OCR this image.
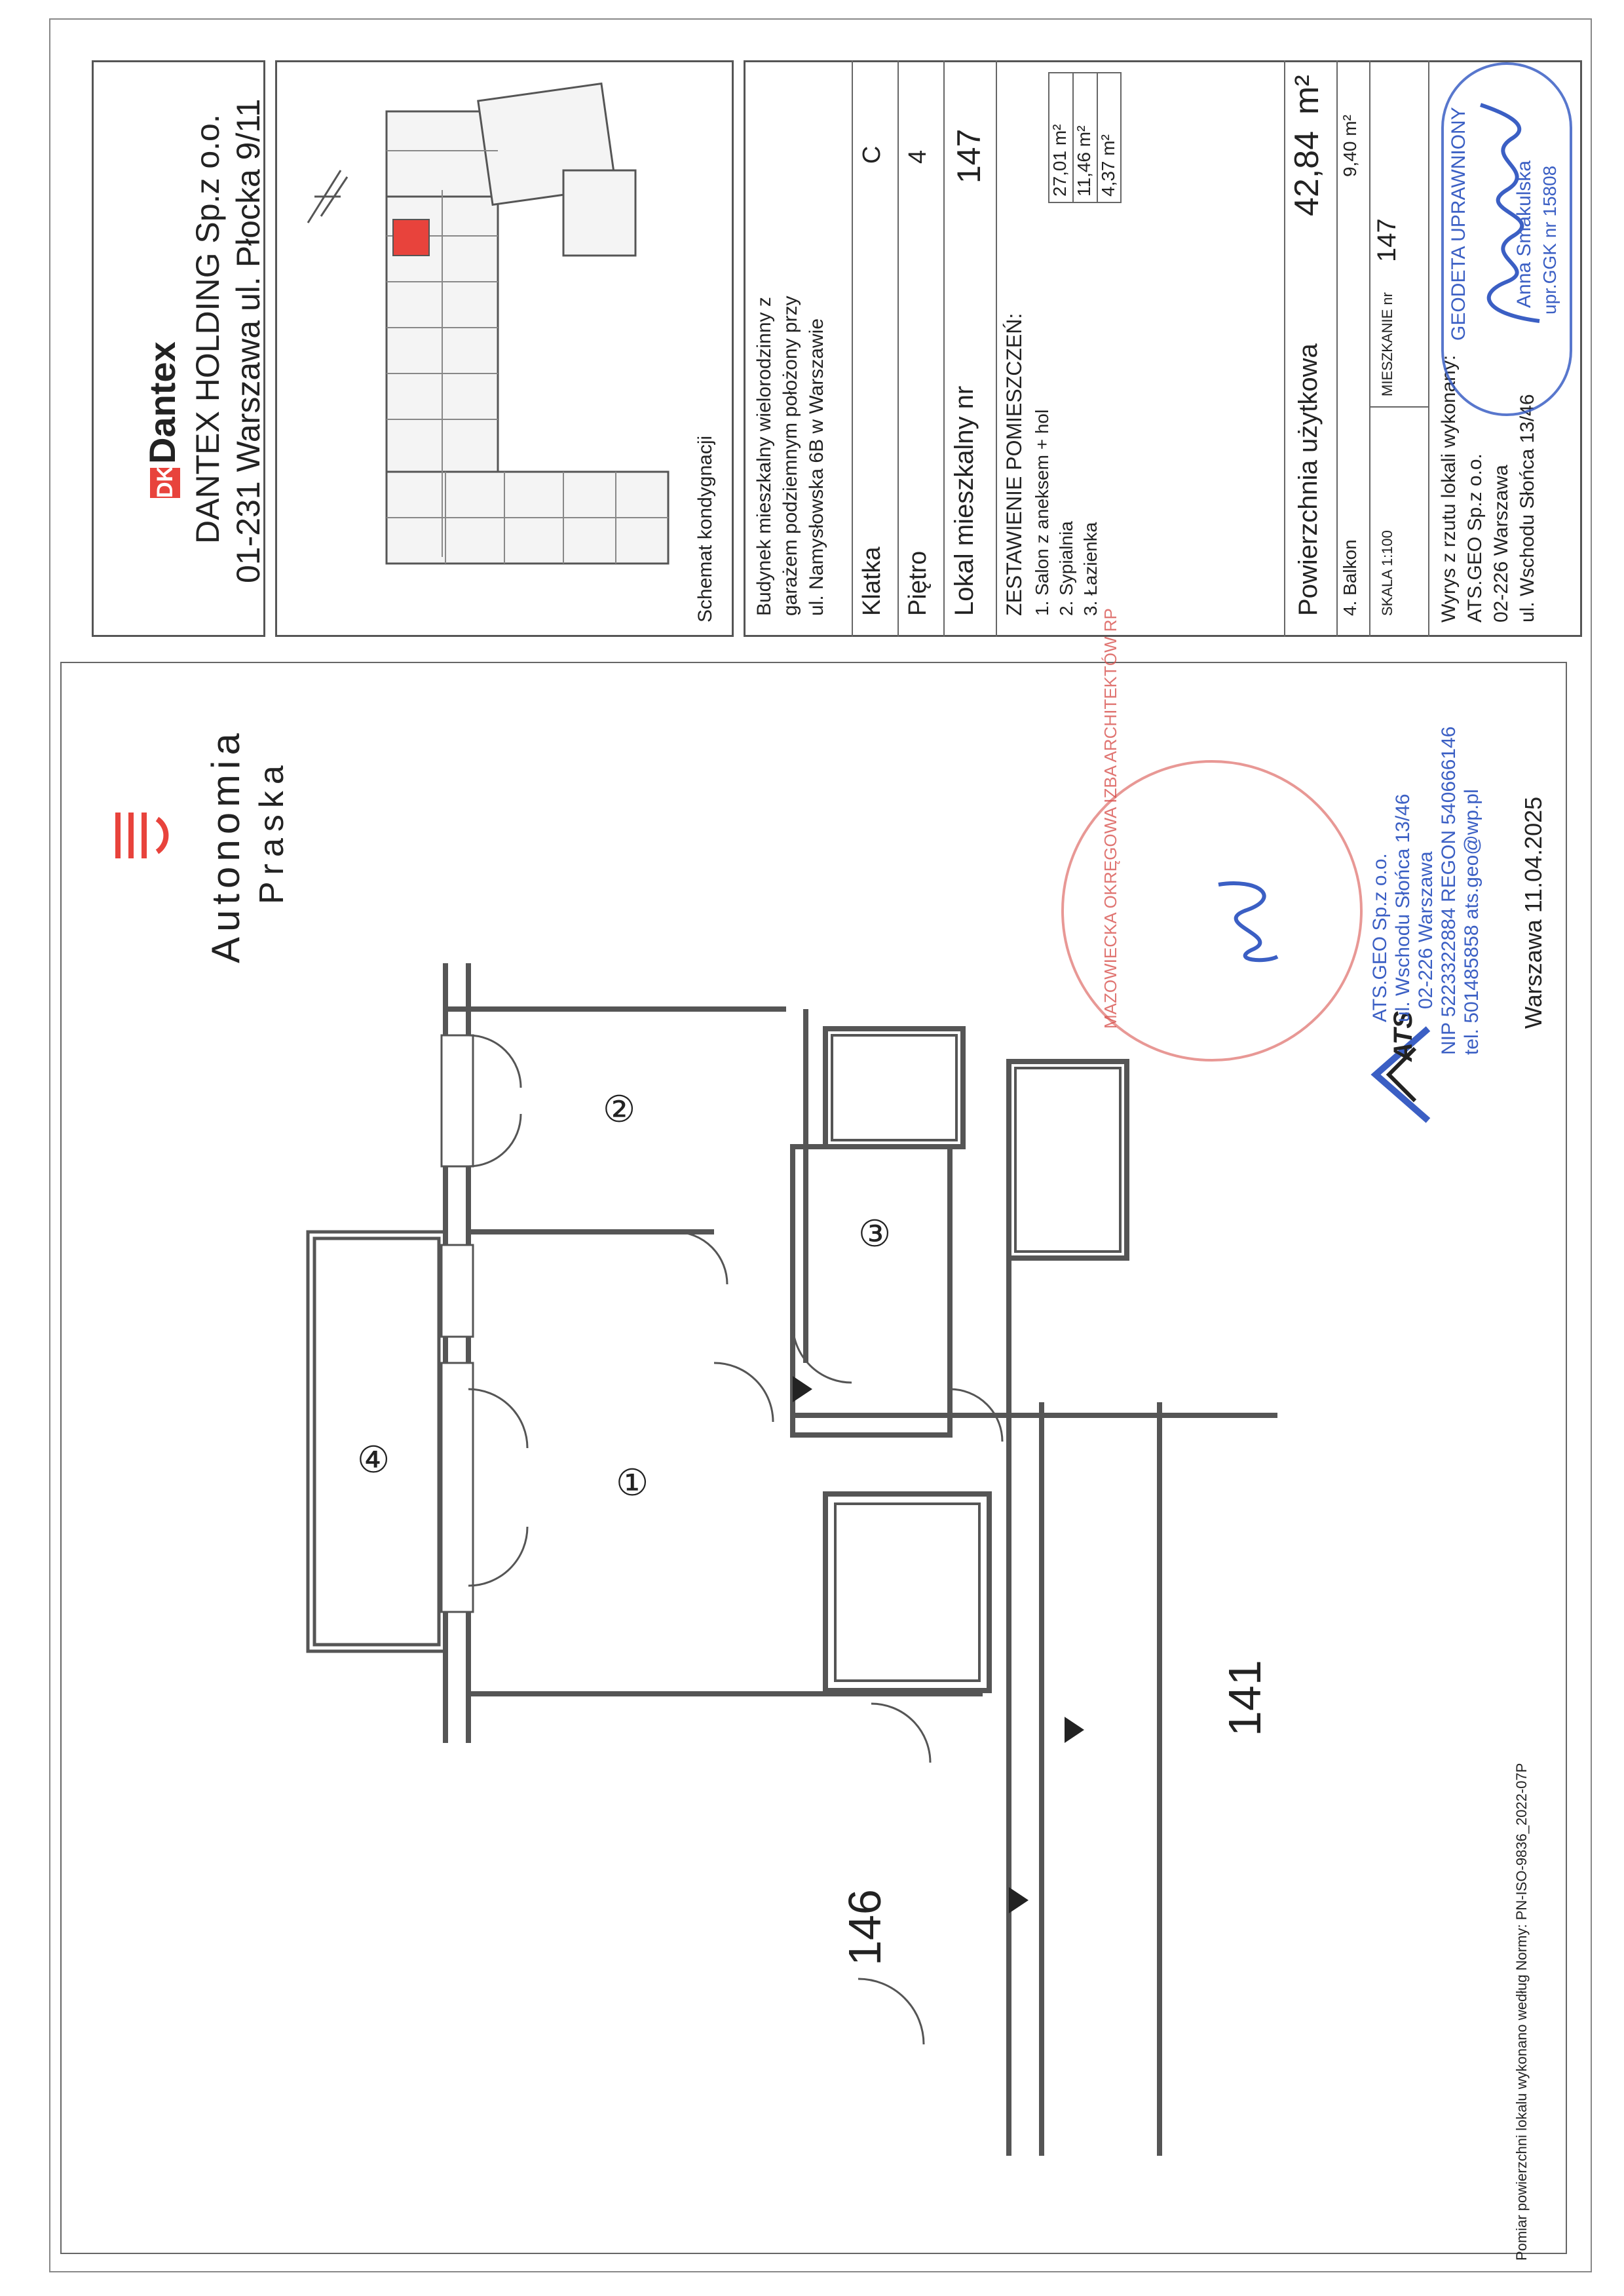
DKDantex DANTEX HOLDING Sp.z o.o. 01-231 Warszawa ul. Płocka 9/11	Schemat kondygnacji Budynek mieszkalny wielorodzinny z garażem podziemnym położony przy ul. Namysłowska 6B w Warszawie Klatka
C
Piętro
4
Lokal mieszkalny nr
147
ZESTAWIENIE POMIESZCZEŃ: 1. Salon z aneksem + hol 2. Sypialnia 3. Łazienka
27,01 m² 11,46 m² 4,37 m²
Powierzchnia użytkowa
42,84
m²
4. Balkon
9,40 m²
SKALA 1:100
MIESZKANIE nr
147
Wyrys z rzutu lokali wykonany: ATS.GEO Sp.z o.o. 02-226 Warszawa ul. Wschodu Słońca 13/46
GEODETA UPRAWNIONY Anna Smakulska upr.GGK nr 15808
Autonomia Praska
①
②
③
④
146
141
MAZOWIECKA OKRĘGOWA IZBA ARCHITEKTÓW RP
ATS
ATS.GEO Sp.z o.o. ul. Wschodu Słońca 13/46 02-226 Warszawa NIP 5223322884 REGON 540666146 tel. 501485858 ats.geo@wp.pl Warszawa 11.04.2025
Pomiar powierzchni lokalu wykonano według Normy: PN-ISO-9836_2022-07P
